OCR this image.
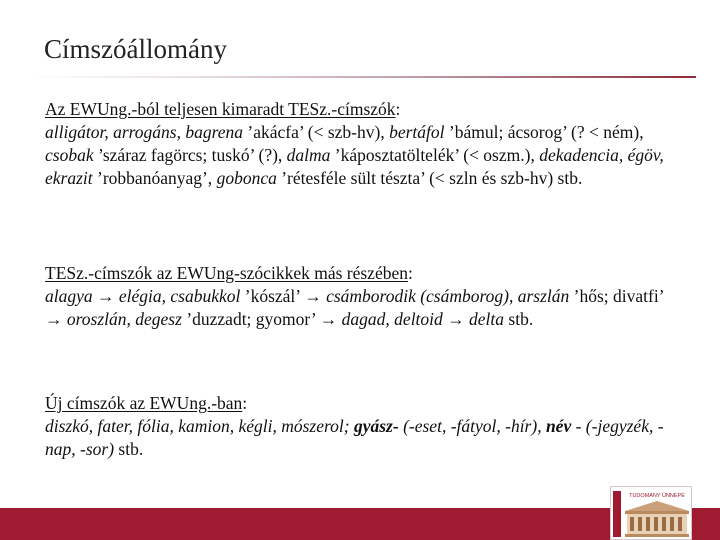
Címszóállomány

Az EWUng.-ból teljesen kimaradt TESz.-címszók:

alligátor, arrogáns, bagrena ’akácfa’ (< szb-hv), bertáfol ’bámul; ácsorog’ (? < ném), csobak ’száraz fagörcs; tuskó’ (?), dalma ’káposztatöltelék’ (< oszm.), dekadencia, égöv, ekrazit ’robbanóanyag’, gobonca ’rétesféle sült tészta’ (< szln és szb-hv) stb.

TESz.-címszók az EWUng-szócikkek más részében:

alagya → elégia, csabukkol ’kószál’ → csámborodik (csámborog), arszlán ’hős; divatfi’ → oroszlán, degesz ’duzzadt; gyomor’ → dagad, deltoid → delta stb.

Új címszók az EWUng.-ban:

diszkó, fater, fólia, kamion, kégli, mószerol; gyász- (-eset, -fátyol, -hír), név - (-jegyzék, -nap, -sor) stb.

TUDOMÁNY ÜNNEPE
